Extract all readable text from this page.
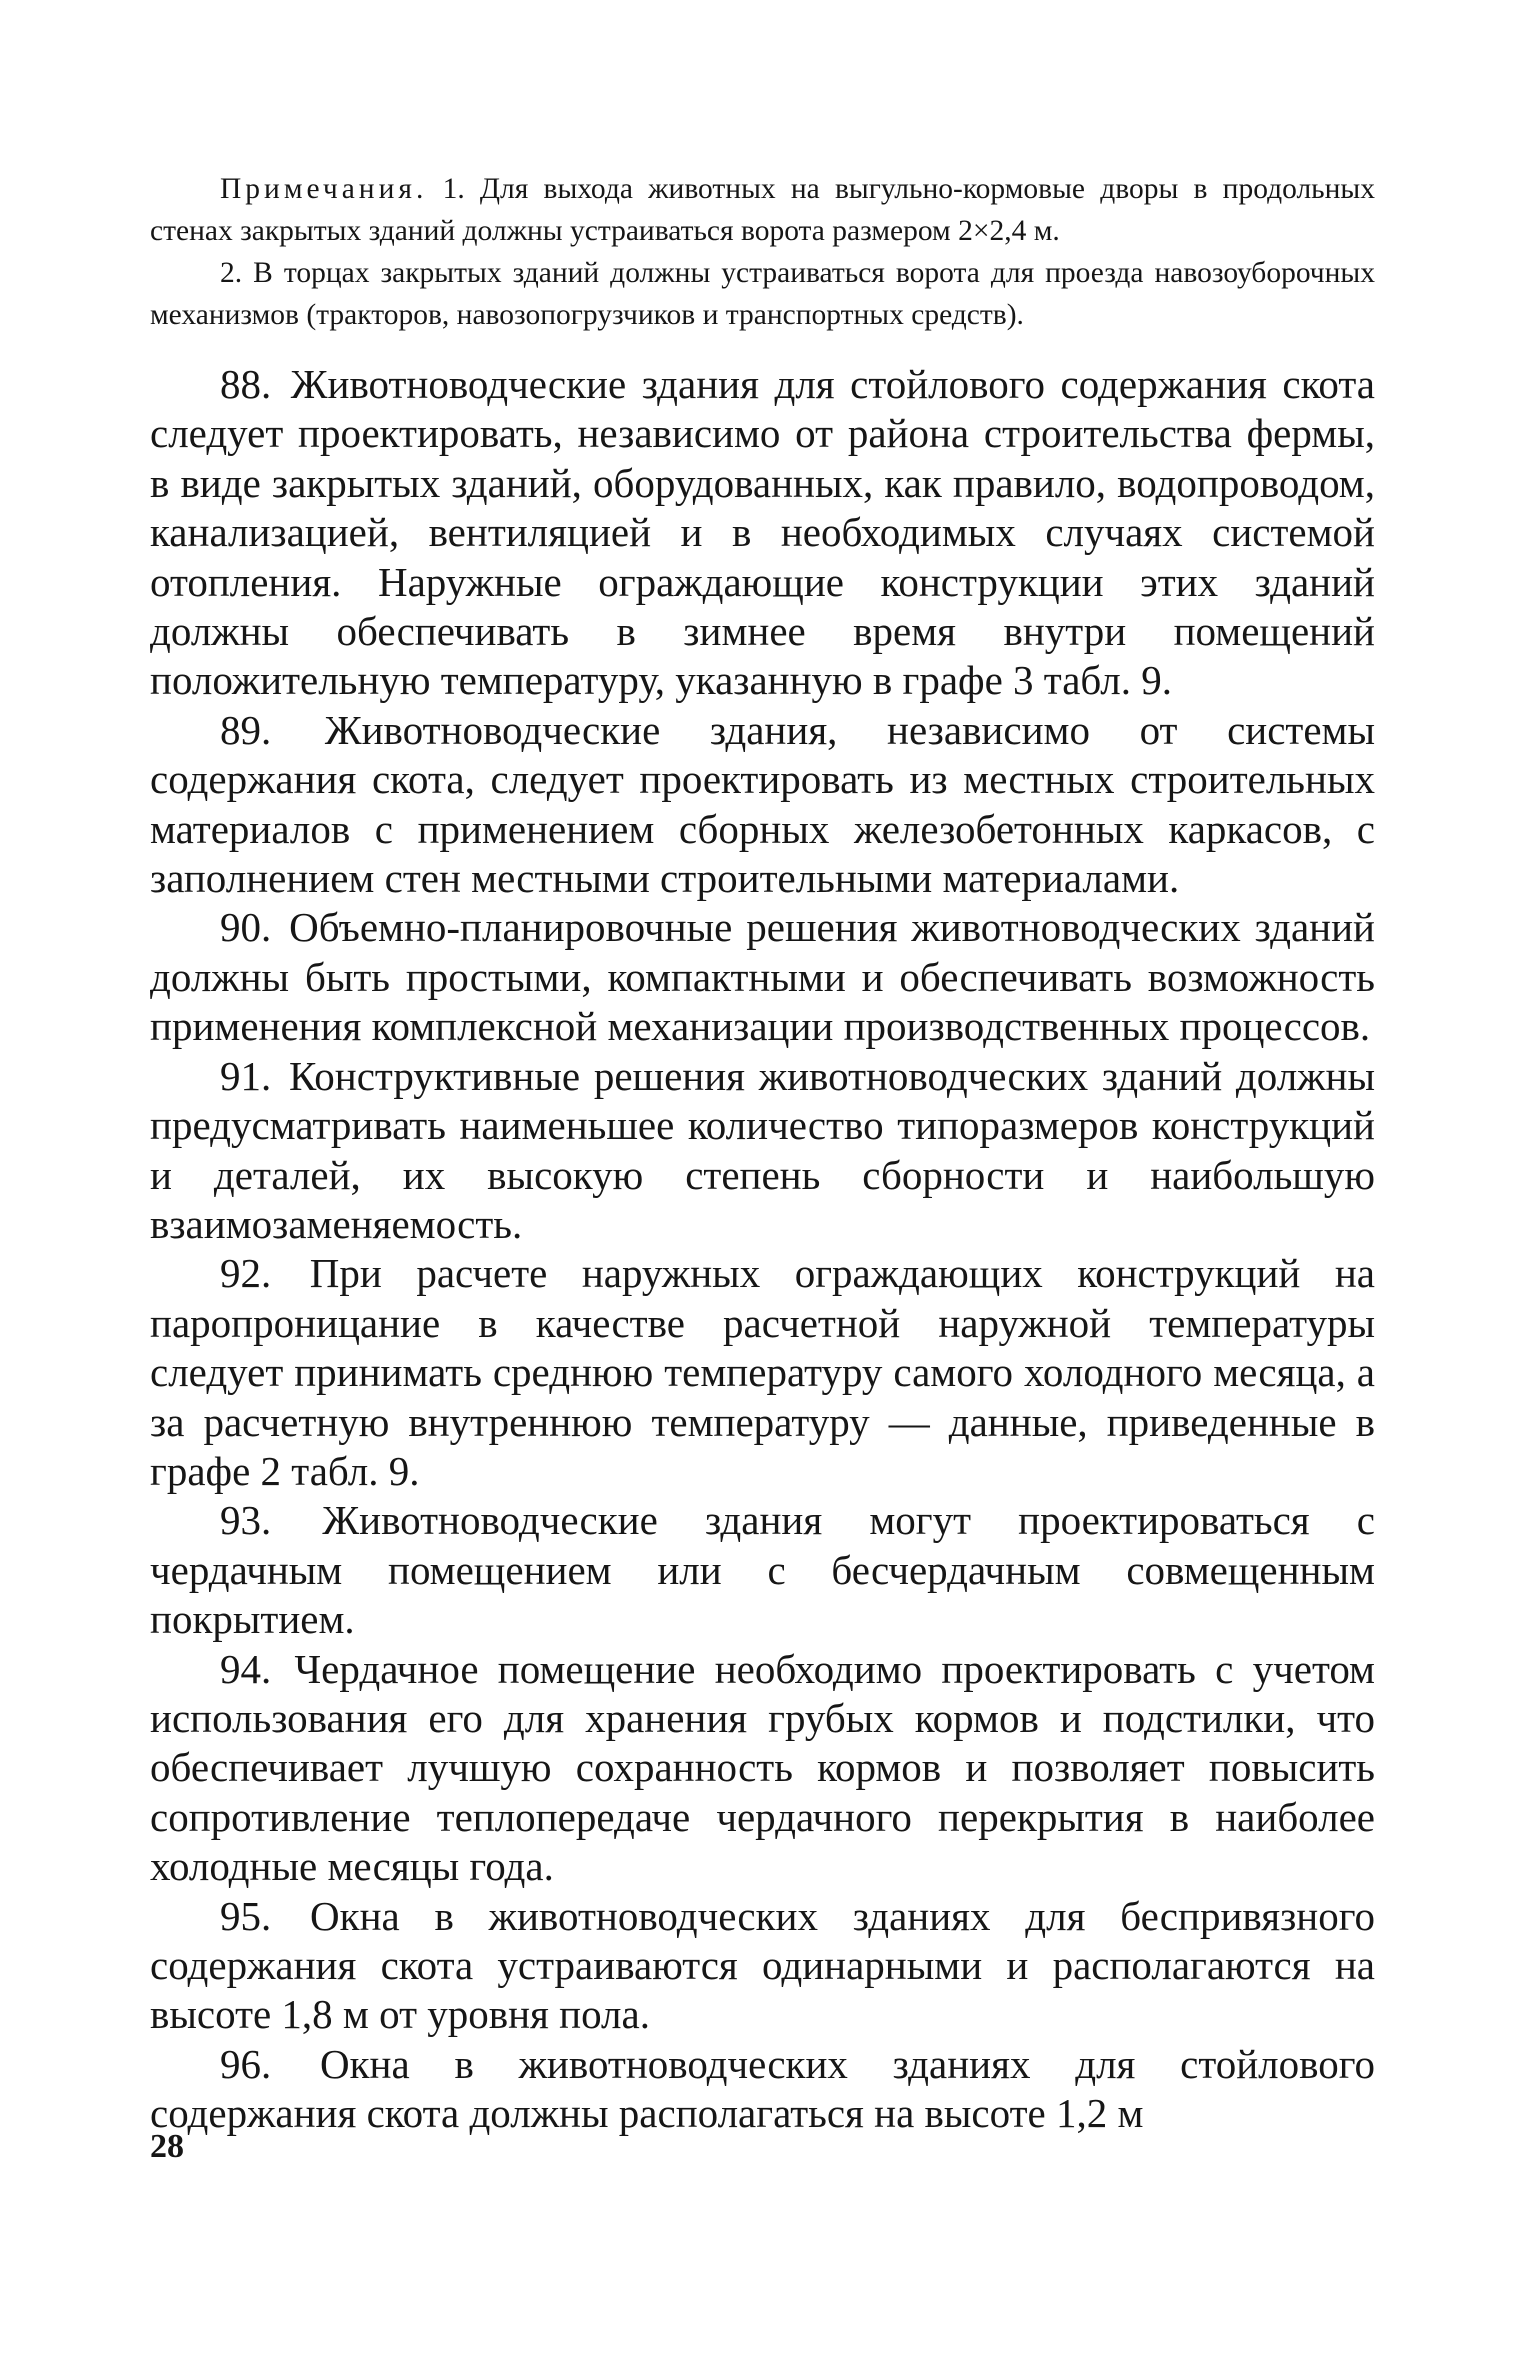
Примечания. 1. Для выхода животных на выгульно-кормовые дворы в продольных стенах закрытых зданий должны устраиваться ворота размером 2×2,4 м.

2. В торцах закрытых зданий должны устраиваться ворота для проезда навозоуборочных механизмов (тракторов, навозопогрузчиков и транспортных средств).

88. Животноводческие здания для стойлового содержания скота следует проектировать, независимо от района строительства фермы, в виде закрытых зданий, оборудованных, как правило, водопроводом, канализацией, вентиляцией и в необходимых случаях системой отопления. Наружные ограждающие конструкции этих зданий должны обеспечивать в зимнее время внутри помещений положительную температуру, указанную в графе 3 табл. 9.

89. Животноводческие здания, независимо от системы содержания скота, следует проектировать из местных строительных материалов с применением сборных железобетонных каркасов, с заполнением стен местными строительными материалами.

90. Объемно-планировочные решения животноводческих зданий должны быть простыми, компактными и обеспечивать возможность применения комплексной механизации производственных процессов.

91. Конструктивные решения животноводческих зданий должны предусматривать наименьшее количество типоразмеров конструкций и деталей, их высокую степень сборности и наибольшую взаимозаменяемость.

92. При расчете наружных ограждающих конструкций на паропроницание в качестве расчетной наружной температуры следует принимать среднюю температуру самого холодного месяца, а за расчетную внутреннюю температуру — данные, приведенные в графе 2 табл. 9.

93. Животноводческие здания могут проектироваться с чердачным помещением или с бесчердачным совмещенным покрытием.

94. Чердачное помещение необходимо проектировать с учетом использования его для хранения грубых кормов и подстилки, что обеспечивает лучшую сохранность кормов и позволяет повысить сопротивление теплопередаче чердачного перекрытия в наиболее холодные месяцы года.

95. Окна в животноводческих зданиях для беспривязного содержания скота устраиваются одинарными и располагаются на высоте 1,8 м от уровня пола.

96. Окна в животноводческих зданиях для стойлового содержания скота должны располагаться на высоте 1,2 м

28
